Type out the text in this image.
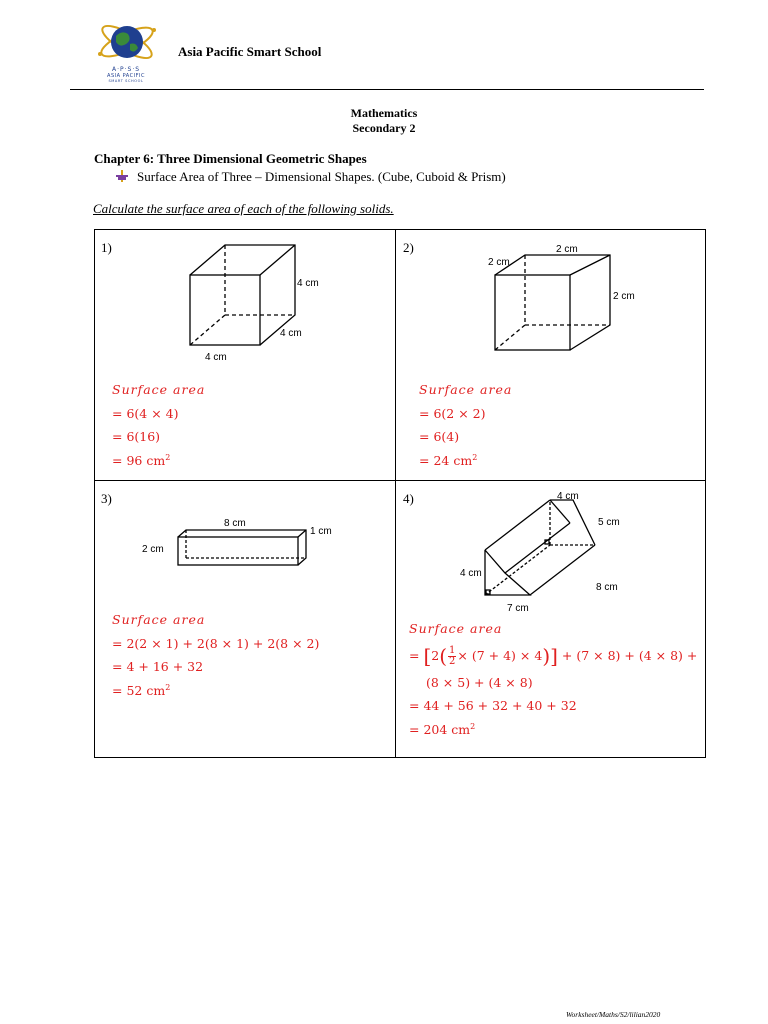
A·P·S·S
ASIA PACIFIC
SMART SCHOOL
Asia Pacific Smart School
Mathematics
Secondary 2
Chapter 6: Three Dimensional Geometric Shapes
Surface Area of Three – Dimensional Shapes. (Cube, Cuboid & Prism)
Calculate the surface area of each of the following solids.
1)
4 cm
4 cm
4 cm
Surface area
= 6(4 × 4)
= 6(16)
= 96 $cm^2$
2)
2 cm
2 cm
2 cm
Surface area
= 6(2 × 2)
= 6(4)
= 24 $cm^2$
3)
8 cm
1 cm
2 cm
Surface area
= 2(2 × 1) + 2(8 × 1) + 2(8 × 2)
= 4 + 16 + 32
= 52 $cm^2$
4)	4 cm
5 cm
4 cm
8 cm
7 cm
Surface area
= $[2( \frac{1}{2} \times (7 + 4) \times 4)] + (7 \times 8) + (4 \times 8)$ +
(8 × 5) + (4 × 8)
= 44 + 56 + 32 + 40 + 32
= 204 $cm^2$
Worksheet/Maths/S2/lilian2020
